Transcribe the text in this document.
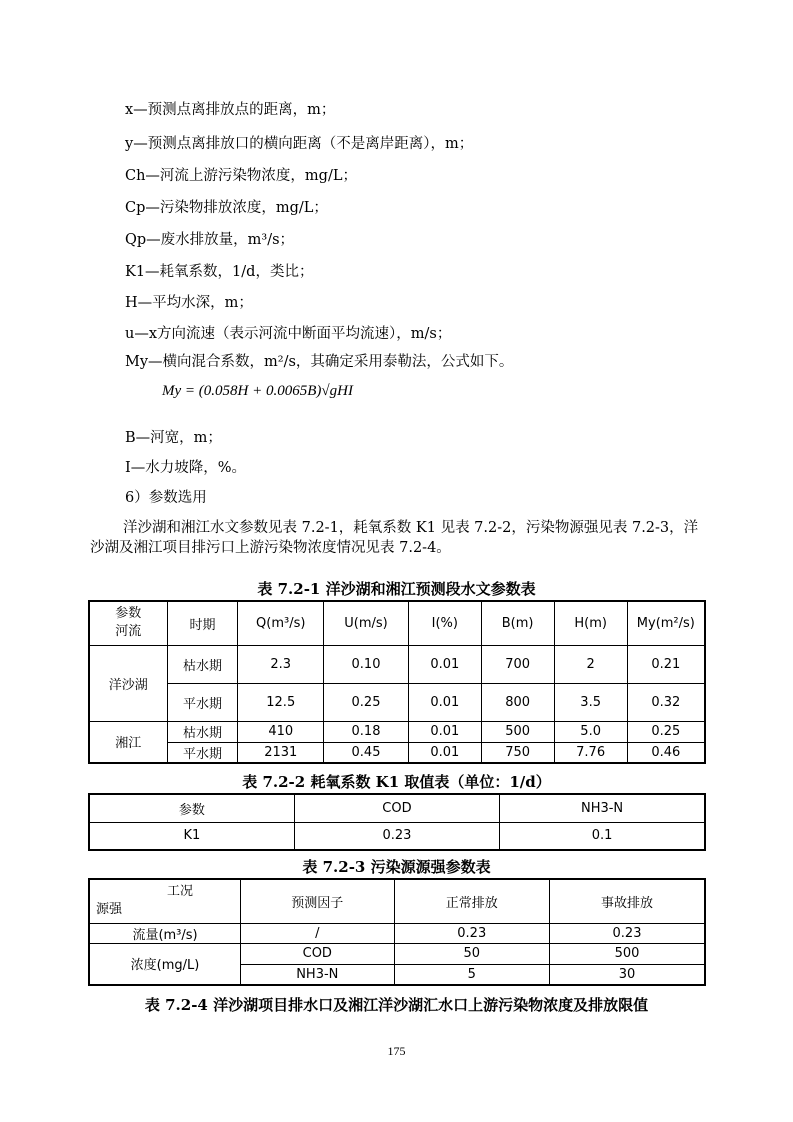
x—预测点离排放点的距离，m；
y—预测点离排放口的横向距离（不是离岸距离），m；
Ch—河流上游污染物浓度，mg/L；
Cp—污染物排放浓度，mg/L；
Qp—废水排放量，m³/s；
K1—耗氧系数，1/d，类比；
H—平均水深，m；
u—x方向流速（表示河流中断面平均流速），m/s；
My—横向混合系数，m²/s，其确定采用泰勒法，公式如下。
My = (0.058H + 0.0065B)√gHI
B—河宽，m；
I—水力坡降，%。
6）参数选用
洋沙湖和湘江水文参数见表 7.2-1，耗氧系数 K1 见表 7.2-2，污染物源强见表 7.2-3，洋沙湖及湘江项目排污口上游污染物浓度情况见表 7.2-4。
表 7.2-1 洋沙湖和湘江预测段水文参数表
参数
河流	时期	Q(m³/s)	U(m/s)	I(%)	B(m)	H(m)	My(m²/s)
洋沙湖	枯水期	2.3	0.10	0.01	700	2	0.21
	平水期	12.5	0.25	0.01	800	3.5	0.32
湘江	枯水期	410	0.18	0.01	500	5.0	0.25
	平水期	2131	0.45	0.01	750	7.76	0.46
表 7.2-2 耗氧系数 K1 取值表（单位：1/d）
参数	COD	NH3-N
K1	0.23	0.1
表 7.2-3 污染源源强参数表
工况
源强	预测因子	正常排放	事故排放
流量(m³/s)	/	0.23	0.23
浓度(mg/L)	COD	50	500
	NH3-N	5	30
表 7.2-4 洋沙湖项目排水口及湘江洋沙湖汇水口上游污染物浓度及排放限值
175
